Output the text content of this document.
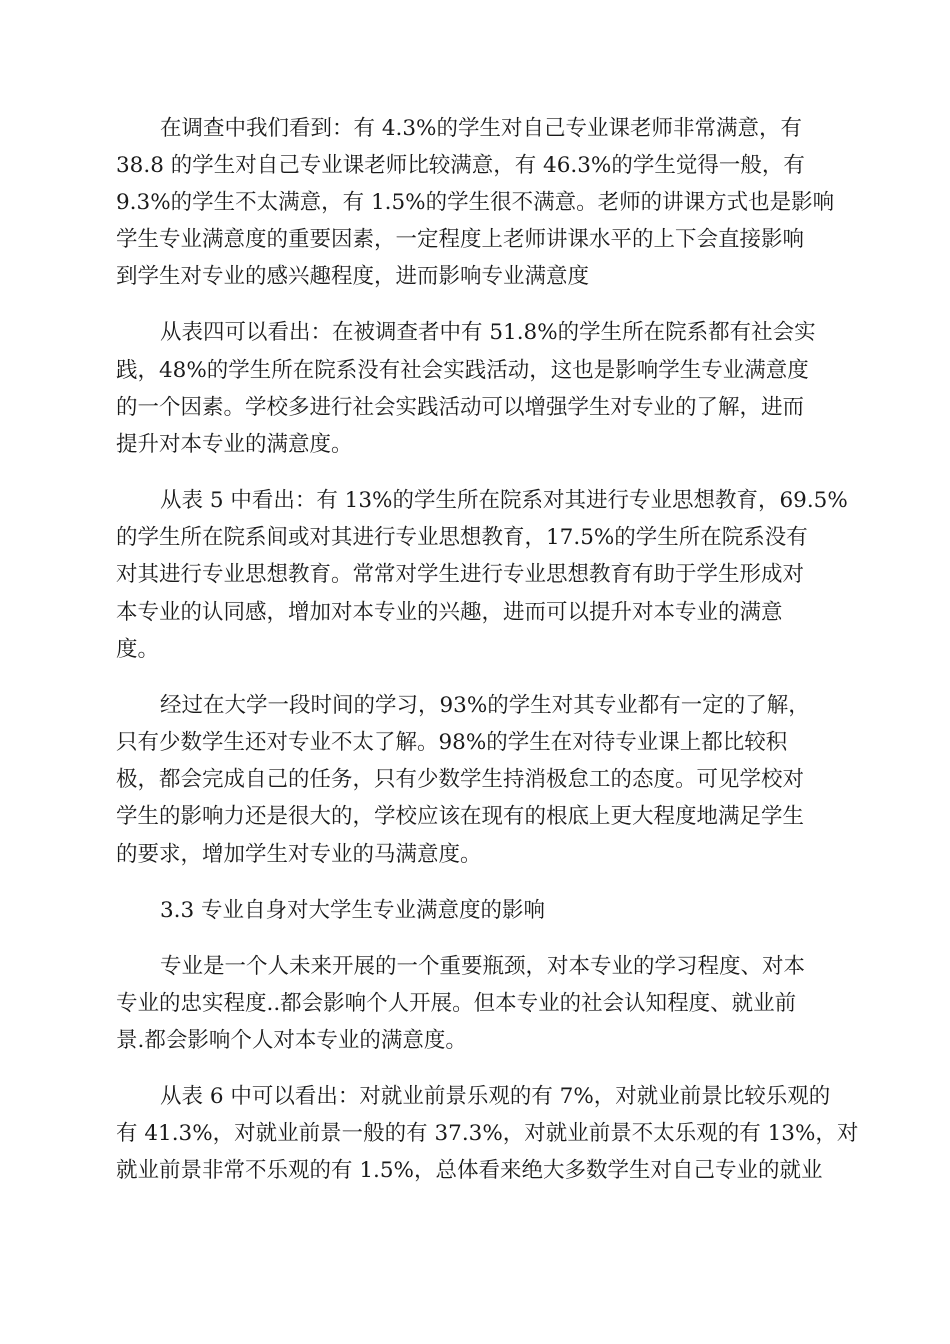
在调查中我们看到：有 4.3%的学生对自己专业课老师非常满意，有

38.8 的学生对自己专业课老师比较满意，有 46.3%的学生觉得一般，有

9.3%的学生不太满意，有 1.5%的学生很不满意。老师的讲课方式也是影响

学生专业满意度的重要因素，一定程度上老师讲课水平的上下会直接影响

到学生对专业的感兴趣程度，进而影响专业满意度

从表四可以看出：在被调查者中有 51.8%的学生所在院系都有社会实

践，48%的学生所在院系没有社会实践活动，这也是影响学生专业满意度

的一个因素。学校多进行社会实践活动可以增强学生对专业的了解，进而

提升对本专业的满意度。

从表 5 中看出：有 13%的学生所在院系对其进行专业思想教育，69.5%

的学生所在院系间或对其进行专业思想教育，17.5%的学生所在院系没有

对其进行专业思想教育。常常对学生进行专业思想教育有助于学生形成对

本专业的认同感，增加对本专业的兴趣，进而可以提升对本专业的满意

度。

经过在大学一段时间的学习，93%的学生对其专业都有一定的了解，

只有少数学生还对专业不太了解。98%的学生在对待专业课上都比较积

极，都会完成自己的任务，只有少数学生持消极怠工的态度。可见学校对

学生的影响力还是很大的，学校应该在现有的根底上更大程度地满足学生

的要求，增加学生对专业的马满意度。

3.3 专业自身对大学生专业满意度的影响

专业是一个人未来开展的一个重要瓶颈，对本专业的学习程度、对本

专业的忠实程度..都会影响个人开展。但本专业的社会认知程度、就业前

景.都会影响个人对本专业的满意度。

从表 6 中可以看出：对就业前景乐观的有 7%，对就业前景比较乐观的

有 41.3%，对就业前景一般的有 37.3%，对就业前景不太乐观的有 13%，对

就业前景非常不乐观的有 1.5%，总体看来绝大多数学生对自己专业的就业
